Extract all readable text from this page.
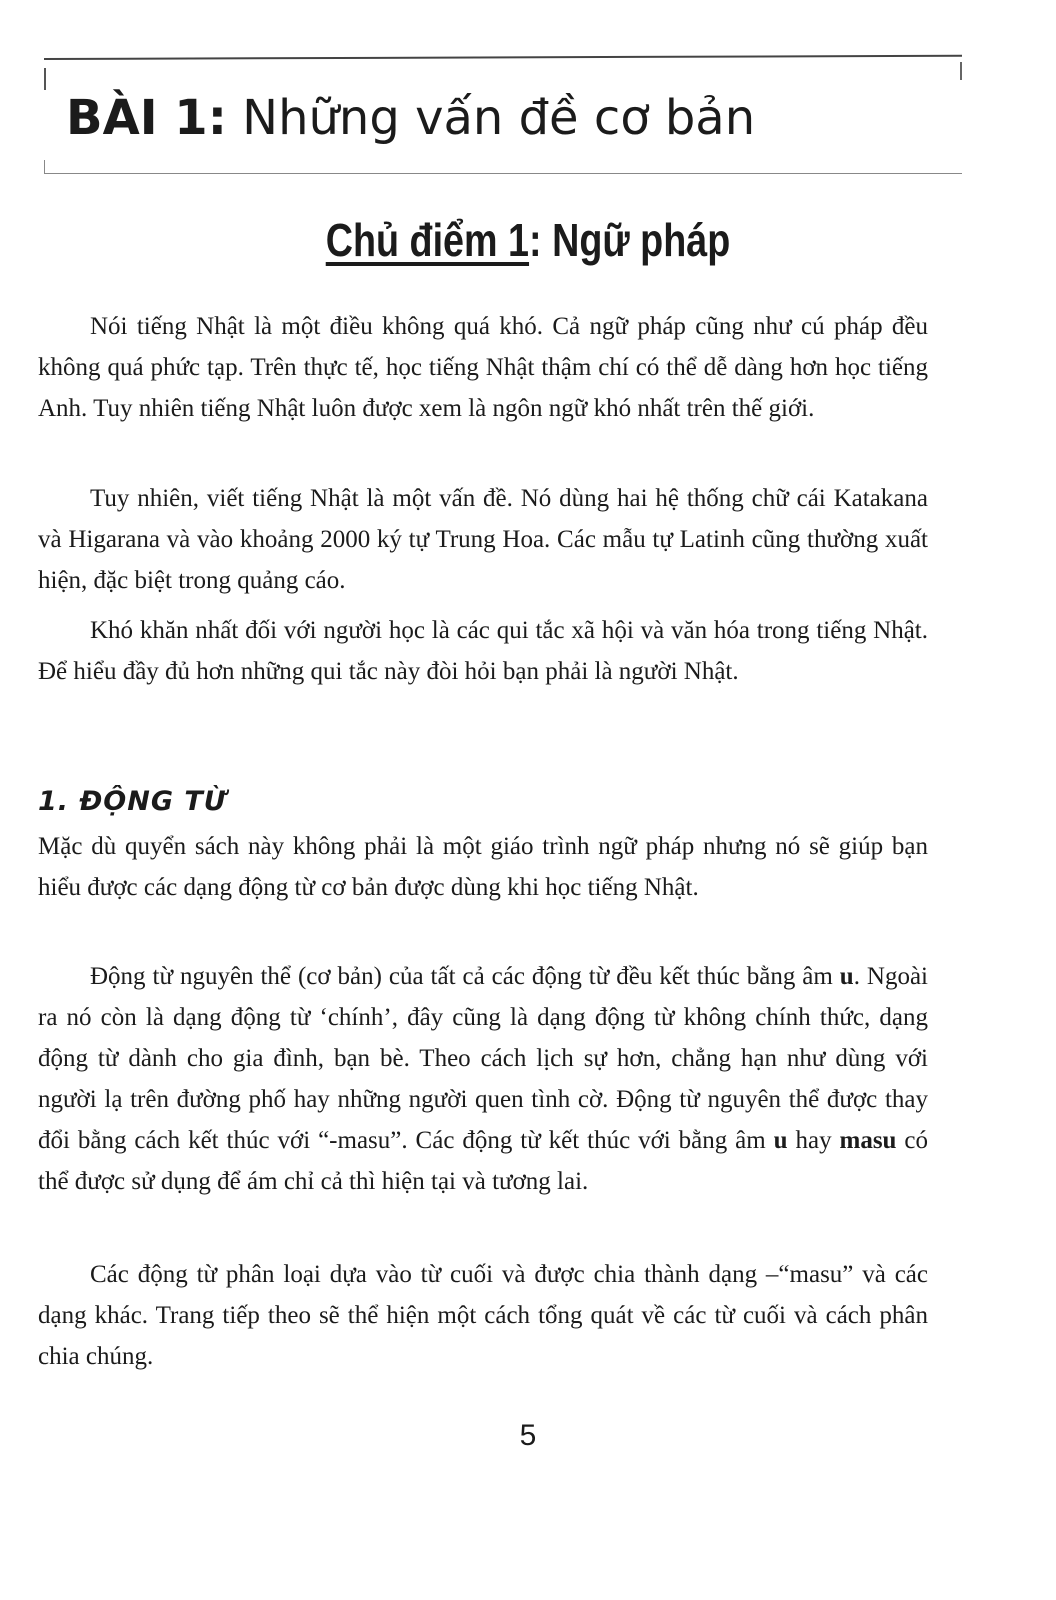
BÀI 1: Những vấn đề cơ bản
Chủ điểm 1: Ngữ pháp

Nói tiếng Nhật là một điều không quá khó. Cả ngữ pháp cũng như cú pháp đều không quá phức tạp. Trên thực tế, học tiếng Nhật thậm chí có thể dễ dàng hơn học tiếng Anh. Tuy nhiên tiếng Nhật luôn được xem là ngôn ngữ khó nhất trên thế giới.

Tuy nhiên, viết tiếng Nhật là một vấn đề. Nó dùng hai hệ thống chữ cái Katakana và Higarana và vào khoảng 2000 ký tự Trung Hoa. Các mẫu tự Latinh cũng thường xuất hiện, đặc biệt trong quảng cáo.

Khó khăn nhất đối với người học là các qui tắc xã hội và văn hóa trong tiếng Nhật. Để hiểu đầy đủ hơn những qui tắc này đòi hỏi bạn phải là người Nhật.

1. ĐỘNG TỪ

Mặc dù quyển sách này không phải là một giáo trình ngữ pháp nhưng nó sẽ giúp bạn hiểu được các dạng động từ cơ bản được dùng khi học tiếng Nhật.

Động từ nguyên thể (cơ bản) của tất cả các động từ đều kết thúc bằng âm u. Ngoài ra nó còn là dạng động từ ‘chính’, đây cũng là dạng động từ không chính thức, dạng động từ dành cho gia đình, bạn bè. Theo cách lịch sự hơn, chẳng hạn như dùng với người lạ trên đường phố hay những người quen tình cờ. Động từ nguyên thể được thay đổi bằng cách kết thúc với “-masu”. Các động từ kết thúc với bằng âm u hay masu có thể được sử dụng để ám chỉ cả thì hiện tại và tương lai.

Các động từ phân loại dựa vào từ cuối và được chia thành dạng –“masu” và các dạng khác. Trang tiếp theo sẽ thể hiện một cách tổng quát về các từ cuối và cách phân chia chúng.

5
